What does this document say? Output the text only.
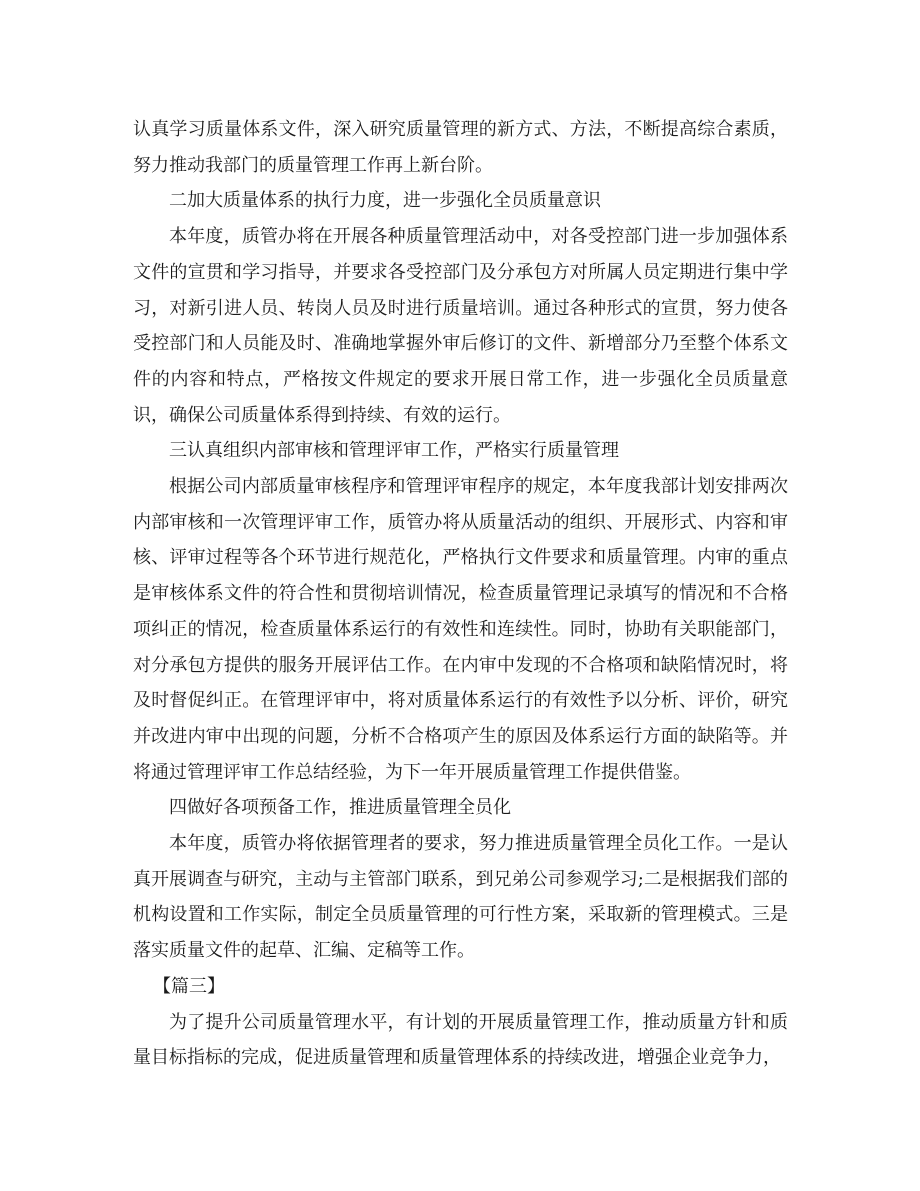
认真学习质量体系文件，深入研究质量管理的新方式、方法，不断提高综合素质，努力推动我部门的质量管理工作再上新台阶。

二加大质量体系的执行力度，进一步强化全员质量意识

本年度，质管办将在开展各种质量管理活动中，对各受控部门进一步加强体系文件的宣贯和学习指导，并要求各受控部门及分承包方对所属人员定期进行集中学习，对新引进人员、转岗人员及时进行质量培训。通过各种形式的宣贯，努力使各受控部门和人员能及时、准确地掌握外审后修订的文件、新增部分乃至整个体系文件的内容和特点，严格按文件规定的要求开展日常工作，进一步强化全员质量意识，确保公司质量体系得到持续、有效的运行。

三认真组织内部审核和管理评审工作，严格实行质量管理

根据公司内部质量审核程序和管理评审程序的规定，本年度我部计划安排两次内部审核和一次管理评审工作，质管办将从质量活动的组织、开展形式、内容和审核、评审过程等各个环节进行规范化，严格执行文件要求和质量管理。内审的重点是审核体系文件的符合性和贯彻培训情况，检查质量管理记录填写的情况和不合格项纠正的情况，检查质量体系运行的有效性和连续性。同时，协助有关职能部门，对分承包方提供的服务开展评估工作。在内审中发现的不合格项和缺陷情况时，将及时督促纠正。在管理评审中，将对质量体系运行的有效性予以分析、评价，研究并改进内审中出现的问题，分析不合格项产生的原因及体系运行方面的缺陷等。并将通过管理评审工作总结经验，为下一年开展质量管理工作提供借鉴。

四做好各项预备工作，推进质量管理全员化

本年度，质管办将依据管理者的要求，努力推进质量管理全员化工作。一是认真开展调查与研究，主动与主管部门联系，到兄弟公司参观学习;二是根据我们部的机构设置和工作实际，制定全员质量管理的可行性方案，采取新的管理模式。三是落实质量文件的起草、汇编、定稿等工作。

【篇三】

为了提升公司质量管理水平，有计划的开展质量管理工作，推动质量方针和质量目标指标的完成，促进质量管理和质量管理体系的持续改进，增强企业竞争力，
